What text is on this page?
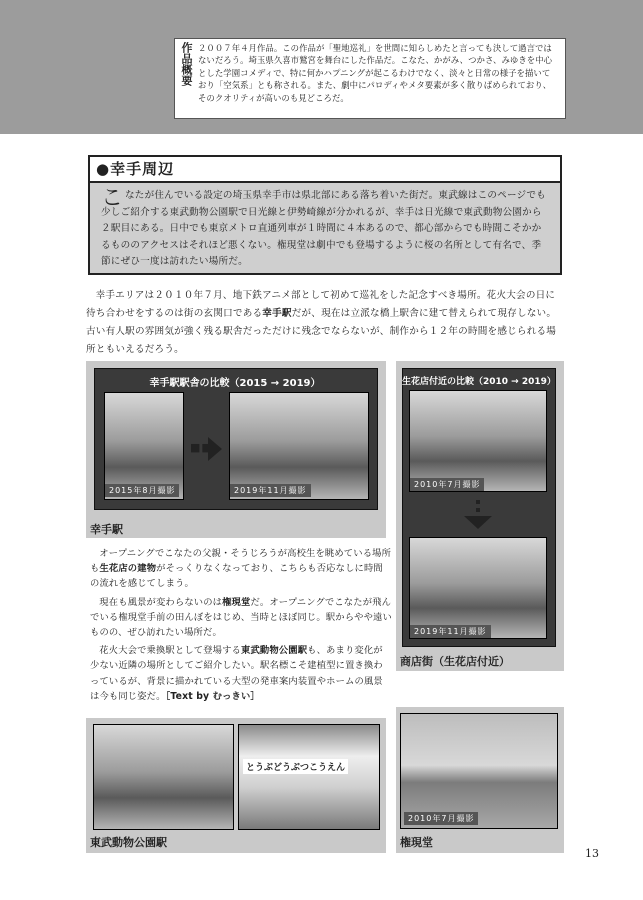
作品概要 ２００７年４月作品。この作品が「聖地巡礼」を世間に知らしめたと言っても決して過言ではないだろう。埼玉県久喜市鷲宮を舞台にした作品だ。こなた、かがみ、つかさ、みゆきを中心とした学園コメディで、特に何かハプニングが起こるわけでなく、淡々と日常の様子を描いており「空気系」とも称される。また、劇中にパロディやメタ要素が多く散りばめられており、そのクオリティが高いのも見どころだ。
●幸手周辺
こ なたが住んでいる設定の埼玉県幸手市は県北部にある落ち着いた街だ。東武線はこのページでも少しご紹介する東武動物公園駅で日光線と伊勢崎線が分かれるが、幸手は日光線で東武動物公園から２駅目にある。日中でも東京メトロ直通列車が１時間に４本あるので、都心部からでも時間こそかかるもののアクセスはそれほど悪くない。権現堂は劇中でも登場するように桜の名所として有名で、季節にぜひ一度は訪れたい場所だ。
幸手エリアは２０１０年７月、地下鉄アニメ部として初めて巡礼をした記念すべき場所。花火大会の日に待ち合わせをするのは街の玄関口である幸手駅だが、現在は立派な橋上駅舎に建て替えられて現存しない。古い有人駅の雰囲気が強く残る駅舎だっただけに残念でならないが、制作から１２年の時間を感じられる場所ともいえるだろう。
幸手駅駅舎の比較（2015 → 2019）
2015年8月撮影
■■
2019年11月撮影
幸手駅
生花店付近の比較（2010 → 2019）
2010年7月撮影
2019年11月撮影
商店街（生花店付近）

オープニングでこなたの父親・そうじろうが高校生を眺めている場所も生花店の建物がそっくりなくなっており、こちらも否応なしに時間の流れを感じてしまう。

現在も風景が変わらないのは権現堂だ。オープニングでこなたが飛んでいる権現堂手前の田んぼをはじめ、当時とほぼ同じ。駅からやや遠いものの、ぜひ訪れたい場所だ。

花火大会で乗換駅として登場する東武動物公園駅も、あまり変化が少ない近隣の場所としてご紹介したい。駅名標こそ建植型に置き換わっているが、背景に描かれている大型の発車案内装置やホームの風景は今も同じ姿だ。［Text by むっきい］

とうぶどうぶつこうえん
東武動物公園駅
2010年7月撮影
権現堂
13
